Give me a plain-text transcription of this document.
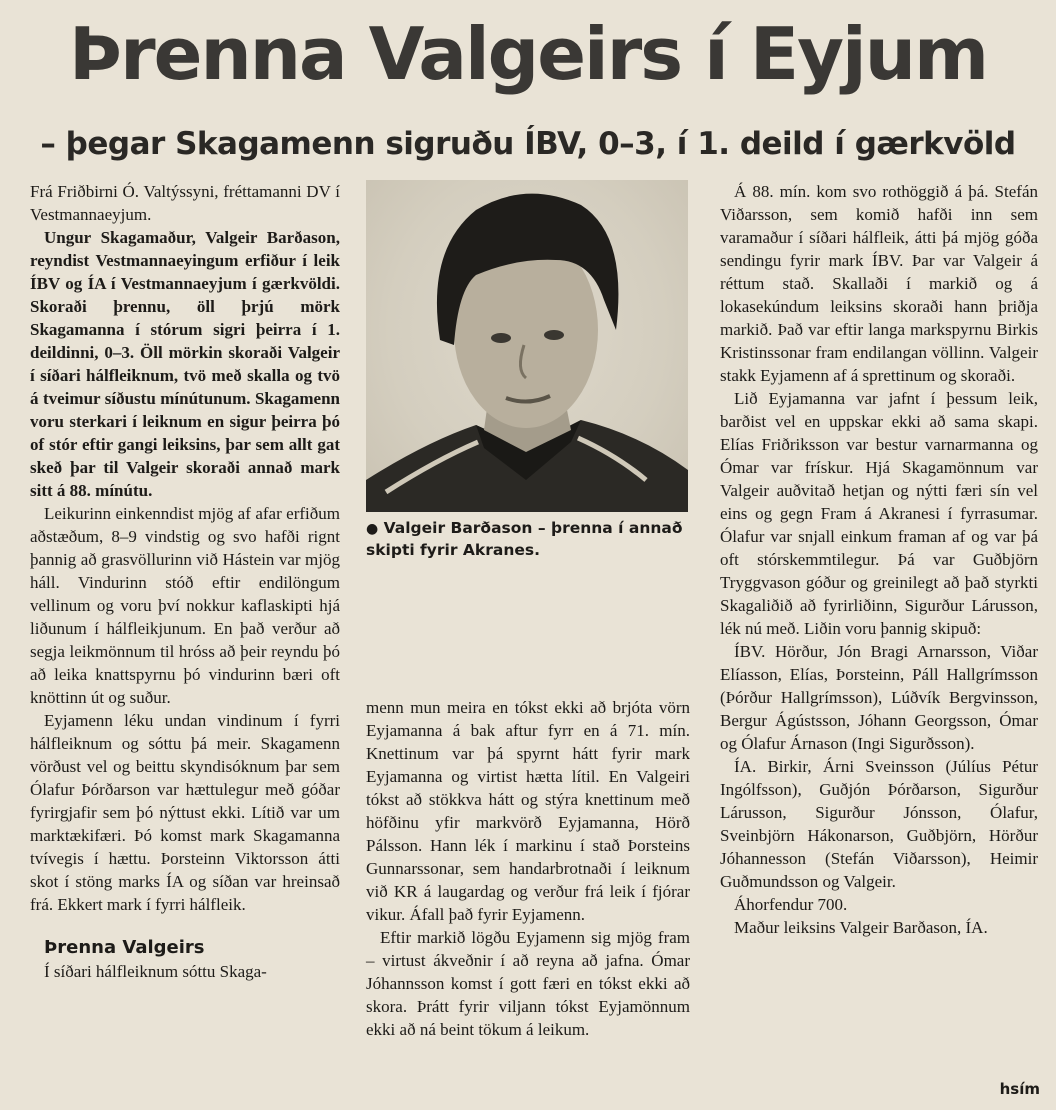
Þrenna Valgeirs í Eyjum
– þegar Skagamenn sigruðu ÍBV, 0–3, í 1. deild í gærkvöld

Frá Friðbirni Ó. Valtýssyni, fréttamanni DV í Vestmannaeyjum.

Ungur Skagamaður, Valgeir Barðason, reyndist Vestmannaeyingum erfiður í leik ÍBV og ÍA í Vestmannaeyjum í gærkvöldi. Skoraði þrennu, öll þrjú mörk Skagamanna í stórum sigri þeirra í 1. deildinni, 0–3. Öll mörkin skoraði Valgeir í síðari hálfleiknum, tvö með skalla og tvö á tveimur síðustu mínútunum. Skagamenn voru sterkari í leiknum en sigur þeirra þó of stór eftir gangi leiksins, þar sem allt gat skeð þar til Valgeir skoraði annað mark sitt á 88. mínútu.

Leikurinn einkenndist mjög af afar erfiðum aðstæðum, 8–9 vindstig og svo hafði rignt þannig að grasvöllurinn við Hástein var mjög háll. Vindurinn stóð eftir endilöngum vellinum og voru því nokkur kaflaskipti hjá liðunum í hálfleikjunum. En það verður að segja leikmönnum til hróss að þeir reyndu þó að leika knattspyrnu þó vindurinn bæri oft knöttinn út og suður.

Eyjamenn léku undan vindinum í fyrri hálfleiknum og sóttu þá meir. Skagamenn vörðust vel og beittu skyndisóknum þar sem Ólafur Þórðarson var hættulegur með góðar fyrirgjafir sem þó nýttust ekki. Lítið var um marktækifæri. Þó komst mark Skagamanna tvívegis í hættu. Þorsteinn Viktorsson átti skot í stöng marks ÍA og síðan var hreinsað frá. Ekkert mark í fyrri hálfleik.

Þrenna Valgeirs

Í síðari hálfleiknum sóttu Skaga-

● Valgeir Barðason – þrenna í annað skipti fyrir Akranes.

menn mun meira en tókst ekki að brjóta vörn Eyjamanna á bak aftur fyrr en á 71. mín. Knettinum var þá spyrnt hátt fyrir mark Eyjamanna og virtist hætta lítil. En Valgeiri tókst að stökkva hátt og stýra knettinum með höfðinu yfir markvörð Eyjamanna, Hörð Pálsson. Hann lék í markinu í stað Þorsteins Gunnarssonar, sem handarbrotnaði í leiknum við KR á laugardag og verður frá leik í fjórar vikur. Áfall það fyrir Eyjamenn.

Eftir markið lögðu Eyjamenn sig mjög fram – virtust ákveðnir í að reyna að jafna. Ómar Jóhannsson komst í gott færi en tókst ekki að skora. Þrátt fyrir viljann tókst Eyjamönnum ekki að ná beint tökum á leikum.

Á 88. mín. kom svo rothöggið á þá. Stefán Viðarsson, sem komið hafði inn sem varamaður í síðari hálfleik, átti þá mjög góða sendingu fyrir mark ÍBV. Þar var Valgeir á réttum stað. Skallaði í markið og á lokasekúndum leiksins skoraði hann þriðja markið. Það var eftir langa markspyrnu Birkis Kristinssonar fram endilangan völlinn. Valgeir stakk Eyjamenn af á sprettinum og skoraði.

Lið Eyjamanna var jafnt í þessum leik, barðist vel en uppskar ekki að sama skapi. Elías Friðriksson var bestur varnarmanna og Ómar var frískur. Hjá Skagamönnum var Valgeir auðvitað hetjan og nýtti færi sín vel eins og gegn Fram á Akranesi í fyrrasumar. Ólafur var snjall einkum framan af og var þá oft stórskemmtilegur. Þá var Guðbjörn Tryggvason góður og greinilegt að það styrkti Skagaliðið að fyrirliðinn, Sigurður Lárusson, lék nú með. Liðin voru þannig skipuð:

ÍBV. Hörður, Jón Bragi Arnarsson, Viðar Elíasson, Elías, Þorsteinn, Páll Hallgrímsson (Þórður Hallgrímsson), Lúðvík Bergvinsson, Bergur Ágústsson, Jóhann Georgsson, Ómar og Ólafur Árnason (Ingi Sigurðsson).

ÍA. Birkir, Árni Sveinsson (Júlíus Pétur Ingólfsson), Guðjón Þórðarson, Sigurður Lárusson, Sigurður Jónsson, Ólafur, Sveinbjörn Hákonarson, Guðbjörn, Hörður Jóhannesson (Stefán Viðarsson), Heimir Guðmundsson og Valgeir.

Áhorfendur 700.

Maður leiksins Valgeir Barðason, ÍA.

hsím
